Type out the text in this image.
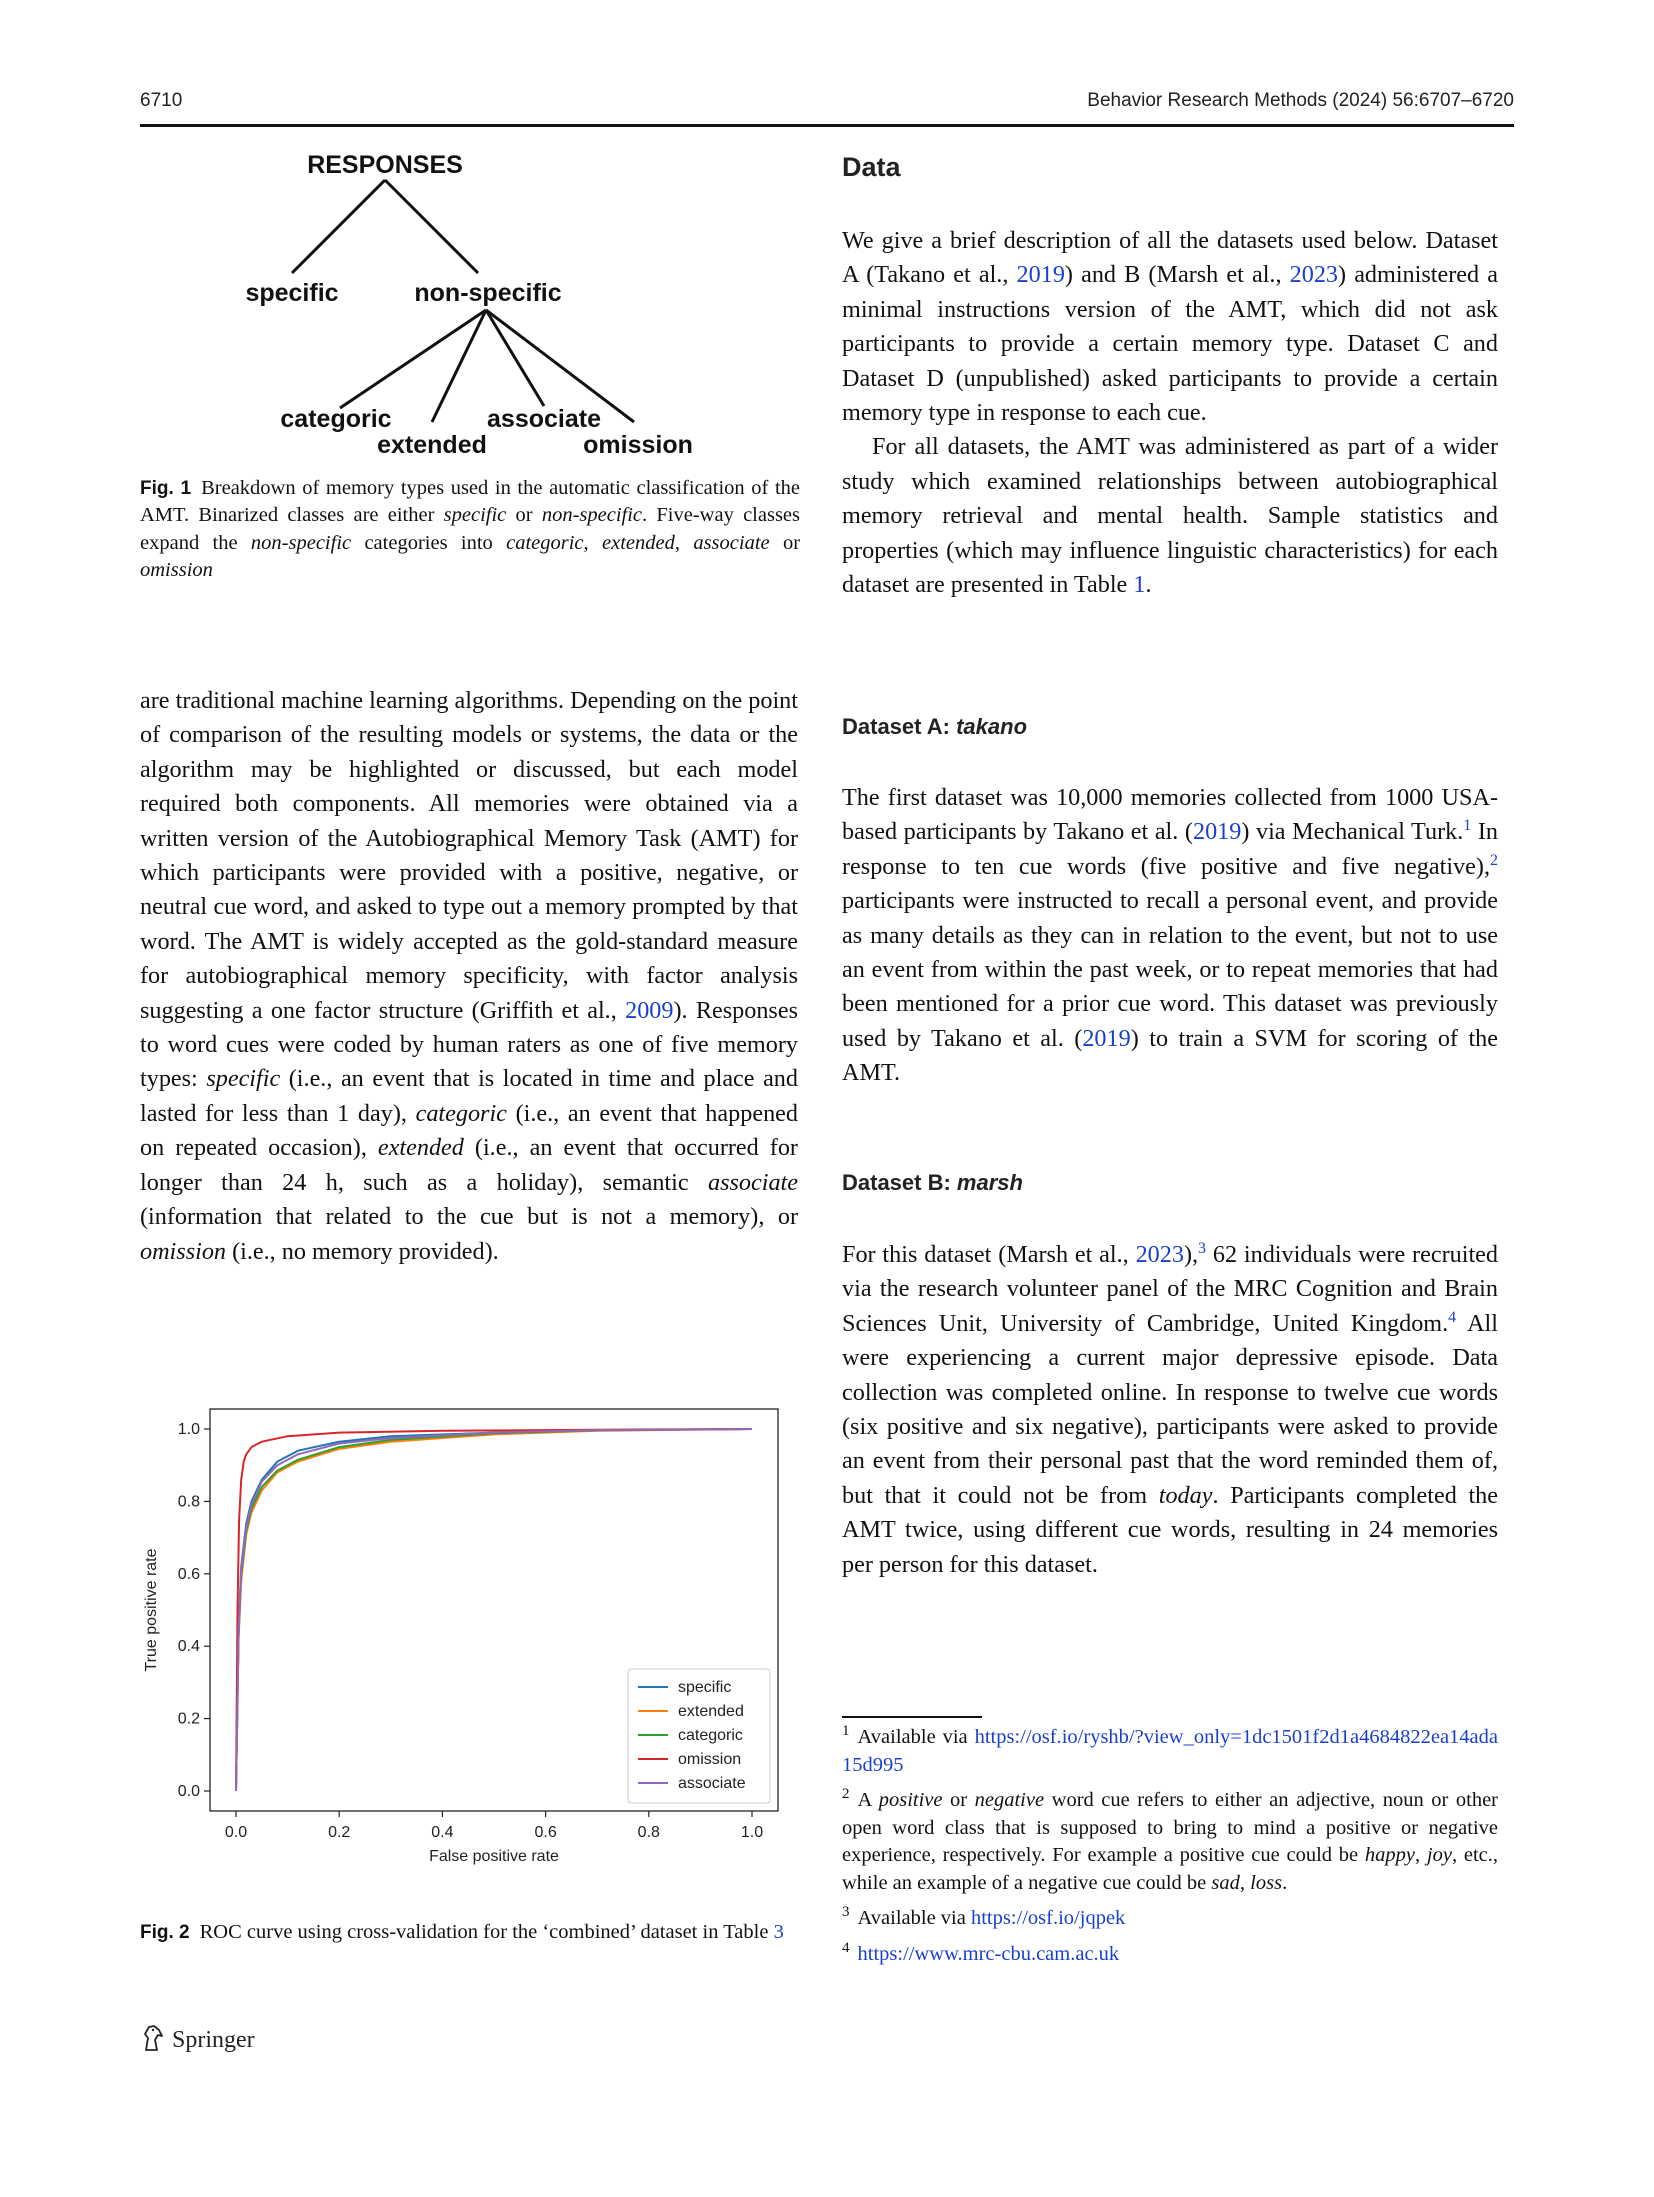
6710	Behavior Research Methods (2024) 56:6707–6720
RESPONSES
specific	non-specific
categoric
extended
associate
omission
Fig. 1 Breakdown of memory types used in the automatic classification of the AMT. Binarized classes are either specific or non-specific. Five-way classes expand the non-specific categories into categoric, extended, associate or omission

are traditional machine learning algorithms. Depending on the point of comparison of the resulting models or systems, the data or the algorithm may be highlighted or discussed, but each model required both components. All memories were obtained via a written version of the Autobiographical Memory Task (AMT) for which participants were provided with a positive, negative, or neutral cue word, and asked to type out a memory prompted by that word. The AMT is widely accepted as the gold-standard measure for autobiographical memory specificity, with factor analysis suggesting a one factor structure (Griffith et al., 2009). Responses to word cues were coded by human raters as one of five memory types: specific (i.e., an event that is located in time and place and lasted for less than 1 day), categoric (i.e., an event that happened on repeated occasion), extended (i.e., an event that occurred for longer than 24 h, such as a holiday), semantic associate (information that related to the cue but is not a memory), or omission (i.e., no memory provided).

0.0	0.2	0.4	0.6	0.8	1.0
0.0
0.2
0.4
0.6
0.8
1.0
False positive rate
True positive rate
specific
extended
categoric
omission
associate
Fig. 2 ROC curve using cross-validation for the ‘combined’ dataset in Table 3
Data

We give a brief description of all the datasets used below. Dataset A (Takano et al., 2019) and B (Marsh et al., 2023) administered a minimal instructions version of the AMT, which did not ask participants to provide a certain memory type. Dataset C and Dataset D (unpublished) asked participants to provide a certain memory type in response to each cue.

For all datasets, the AMT was administered as part of a wider study which examined relationships between autobiographical memory retrieval and mental health. Sample statistics and properties (which may influence linguistic characteristics) for each dataset are presented in Table 1.

Dataset A: takano

The first dataset was 10,000 memories collected from 1000 USA-based participants by Takano et al. (2019) via Mechanical Turk.$^1$ In response to ten cue words (five positive and five negative),$^2$ participants were instructed to recall a personal event, and provide as many details as they can in relation to the event, but not to use an event from within the past week, or to repeat memories that had been mentioned for a prior cue word. This dataset was previously used by Takano et al. (2019) to train a SVM for scoring of the AMT.

Dataset B: marsh

For this dataset (Marsh et al., 2023),$^3$ 62 individuals were recruited via the research volunteer panel of the MRC Cognition and Brain Sciences Unit, University of Cambridge, United Kingdom.$^4$ All were experiencing a current major depressive episode. Data collection was completed online. In response to twelve cue words (six positive and six negative), participants were asked to provide an event from their personal past that the word reminded them of, but that it could not be from today. Participants completed the AMT twice, using different cue words, resulting in 24 memories per person for this dataset.

$^1$ Available via https://osf.io/ryshb/?view_only=1dc1501f2d1a4684822ea14ada15d995

$^2$ A positive or negative word cue refers to either an adjective, noun or other open word class that is supposed to bring to mind a positive or negative experience, respectively. For example a positive cue could be happy, joy, etc., while an example of a negative cue could be sad, loss.

$^3$ Available via https://osf.io/jqpek

$^4$ https://www.mrc-cbu.cam.ac.uk

Springer
